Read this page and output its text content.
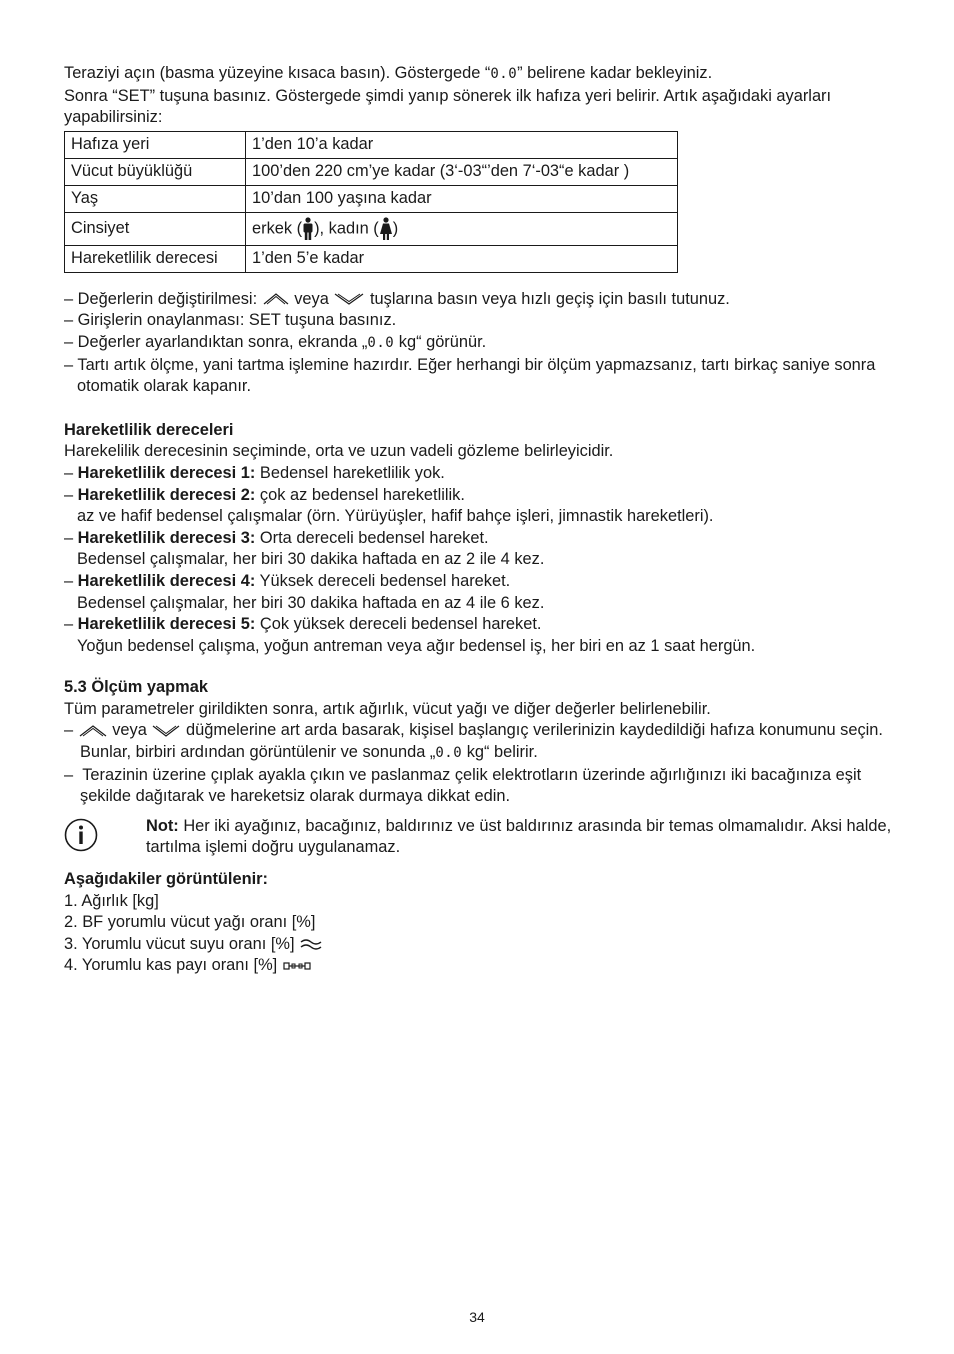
Teraziyi açın (basma yüzeyine kısaca basın). Göstergede “0.0” belirene kadar bekleyiniz.

Sonra “SET” tuşuna basınız. Göstergede şimdi yanıp sönerek ilk hafıza yeri belirir. Artık aşağıdaki ayarları yapabilirsiniz:

Hafıza yeri	1’den 10’a kadar
Vücut büyüklüğü	100’den 220 cm’ye kadar (3‘-03“’den 7‘-03“e kadar )
Yaş	10’dan 100 yaşına kadar
Cinsiyet	erkek ( ), kadın ( )
Hareketlilik derecesi	1’den 5’e kadar

– Değerlerin değiştirilmesi:  veya  tuşlarına basın veya hızlı geçiş için basılı tutunuz.

– Girişlerin onaylanması: SET tuşuna basınız.

– Değerler ayarlandıktan sonra, ekranda „0.0 kg“ görünür.

– Tartı artık ölçme, yani tartma işlemine hazırdır. Eğer herhangi bir ölçüm yapmazsanız, tartı birkaç saniye sonra otomatik olarak kapanır.

Hareketlilik dereceleri

Harekelilik derecesinin seçiminde, orta ve uzun vadeli gözleme belirleyicidir.

– Hareketlilik derecesi 1: Bedensel hareketlilik yok.

– Hareketlilik derecesi 2: çok az bedensel hareketlilik.

az ve hafif bedensel çalışmalar (örn. Yürüyüşler, hafif bahçe işleri, jimnastik hareketleri).

– Hareketlilik derecesi 3: Orta dereceli bedensel hareket.

Bedensel çalışmalar, her biri 30 dakika haftada en az 2 ile 4 kez.

– Hareketlilik derecesi 4: Yüksek dereceli bedensel hareket.

Bedensel çalışmalar, her biri 30 dakika haftada en az 4 ile 6 kez.

– Hareketlilik derecesi 5: Çok yüksek dereceli bedensel hareket.

Yoğun bedensel çalışma, yoğun antreman veya ağır bedensel iş, her biri en az 1 saat hergün.

5.3 Ölçüm yapmak

Tüm parametreler girildikten sonra, artık ağırlık, vücut yağı ve diğer değerler belirlenebilir.

–  veya  düğmelerine art arda basarak, kişisel başlangıç verilerinizin kaydedildiği hafıza konumunu seçin. Bunlar, birbiri ardından görüntülenir ve sonunda „0.0 kg“ belirir.

– Terazinin üzerine çıplak ayakla çıkın ve paslanmaz çelik elektrotların üzerinde ağırlığınızı iki bacağınıza eşit şekilde dağıtarak ve hareketsiz olarak durmaya dikkat edin.

Not: Her iki ayağınız, bacağınız, baldırınız ve üst baldırınız arasında bir temas olmamalıdır. Aksi halde, tartılma işlemi doğru uygulanamaz.

Aşağıdakiler görüntülenir:

1. Ağırlık [kg]

2. BF yorumlu vücut yağı oranı [%]

3. Yorumlu vücut suyu oranı [%]

4. Yorumlu kas payı oranı [%]

34
